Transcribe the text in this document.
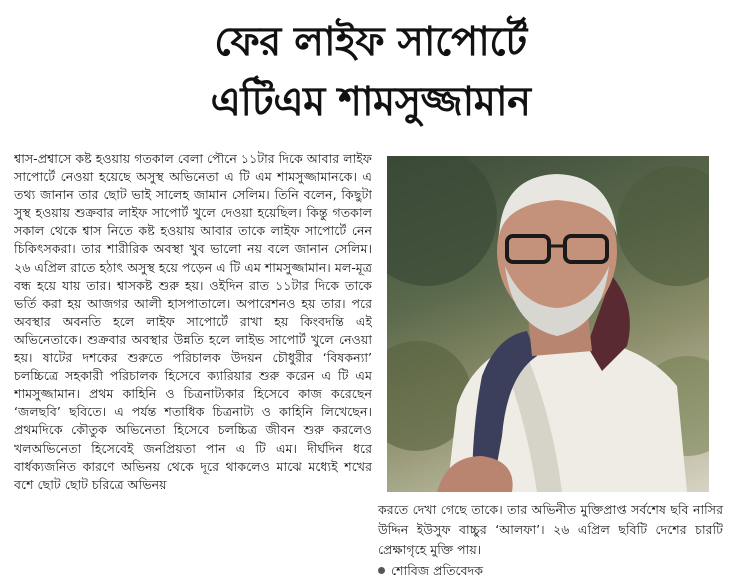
ফের লাইফ সাপোর্টে
এটিএম শামসুজ্জামান

শ্বাস-প্রশ্বাসে কষ্ট হওয়ায় গতকাল বেলা পৌনে ১১টার দিকে আবার লাইফ সাপোর্টে নেওয়া হয়েছে অসুস্থ অভিনেতা এ টি এম শামসুজ্জামানকে। এ তথ্য জানান তার ছোট ভাই সালেহ জামান সেলিম। তিনি বলেন, কিছুটা সুস্থ হওয়ায় শুক্রবার লাইফ সাপোর্ট খুলে দেওয়া হয়েছিল। কিন্তু গতকাল সকাল থেকে শ্বাস নিতে কষ্ট হওয়ায় আবার তাকে লাইফ সাপোর্টে নেন চিকিৎসকরা। তার শারীরিক অবস্থা খুব ভালো নয় বলে জানান সেলিম। ২৬ এপ্রিল রাতে হঠাৎ অসুস্থ হয়ে পড়েন এ টি এম শামসুজ্জামান। মল-মূত্র বন্ধ হয়ে যায় তার। শ্বাসকষ্ট শুরু হয়। ওইদিন রাত ১১টার দিকে তাকে ভর্তি করা হয় আজগর আলী হাসপাতালে। অপারেশনও হয় তার। পরে অবস্থার অবনতি হলে লাইফ সাপোর্টে রাখা হয় কিংবদন্তি এই অভিনেতাকে। শুক্রবার অবস্থার উন্নতি হলে লাইভ সাপোর্ট খুলে নেওয়া হয়। ষাটের দশকের শুরুতে পরিচালক উদয়ন চৌধুরীর ‘বিষকন্যা’ চলচ্চিত্রে সহকারী পরিচালক হিসেবে ক্যারিয়ার শুরু করেন এ টি এম শামসুজ্জামান। প্রথম কাহিনি ও চিত্রনাট্যকার হিসেবে কাজ করেছেন ‘জলছবি’ ছবিতে। এ পর্যন্ত শতাধিক চিত্রনাট্য ও কাহিনি লিখেছেন। প্রথমদিকে কৌতুক অভিনেতা হিসেবে চলচ্চিত্র জীবন শুরু করলেও খলঅভিনেতা হিসেবেই জনপ্রিয়তা পান এ টি এম। দীর্ঘদিন ধরে বার্ধক্যজনিত কারণে অভিনয় থেকে দূরে থাকলেও মাঝে মধ্যেই শখের বশে ছোট ছোট চরিত্রে অভিনয়

করতে দেখা গেছে তাকে। তার অভিনীত মুক্তিপ্রাপ্ত সর্বশেষ ছবি নাসির উদ্দিন ইউসুফ বাচ্চুর ‘আলফা’। ২৬ এপ্রিল ছবিটি দেশের চারটি প্রেক্ষাগৃহে মুক্তি পায়।

শোবিজ প্রতিবেদক
